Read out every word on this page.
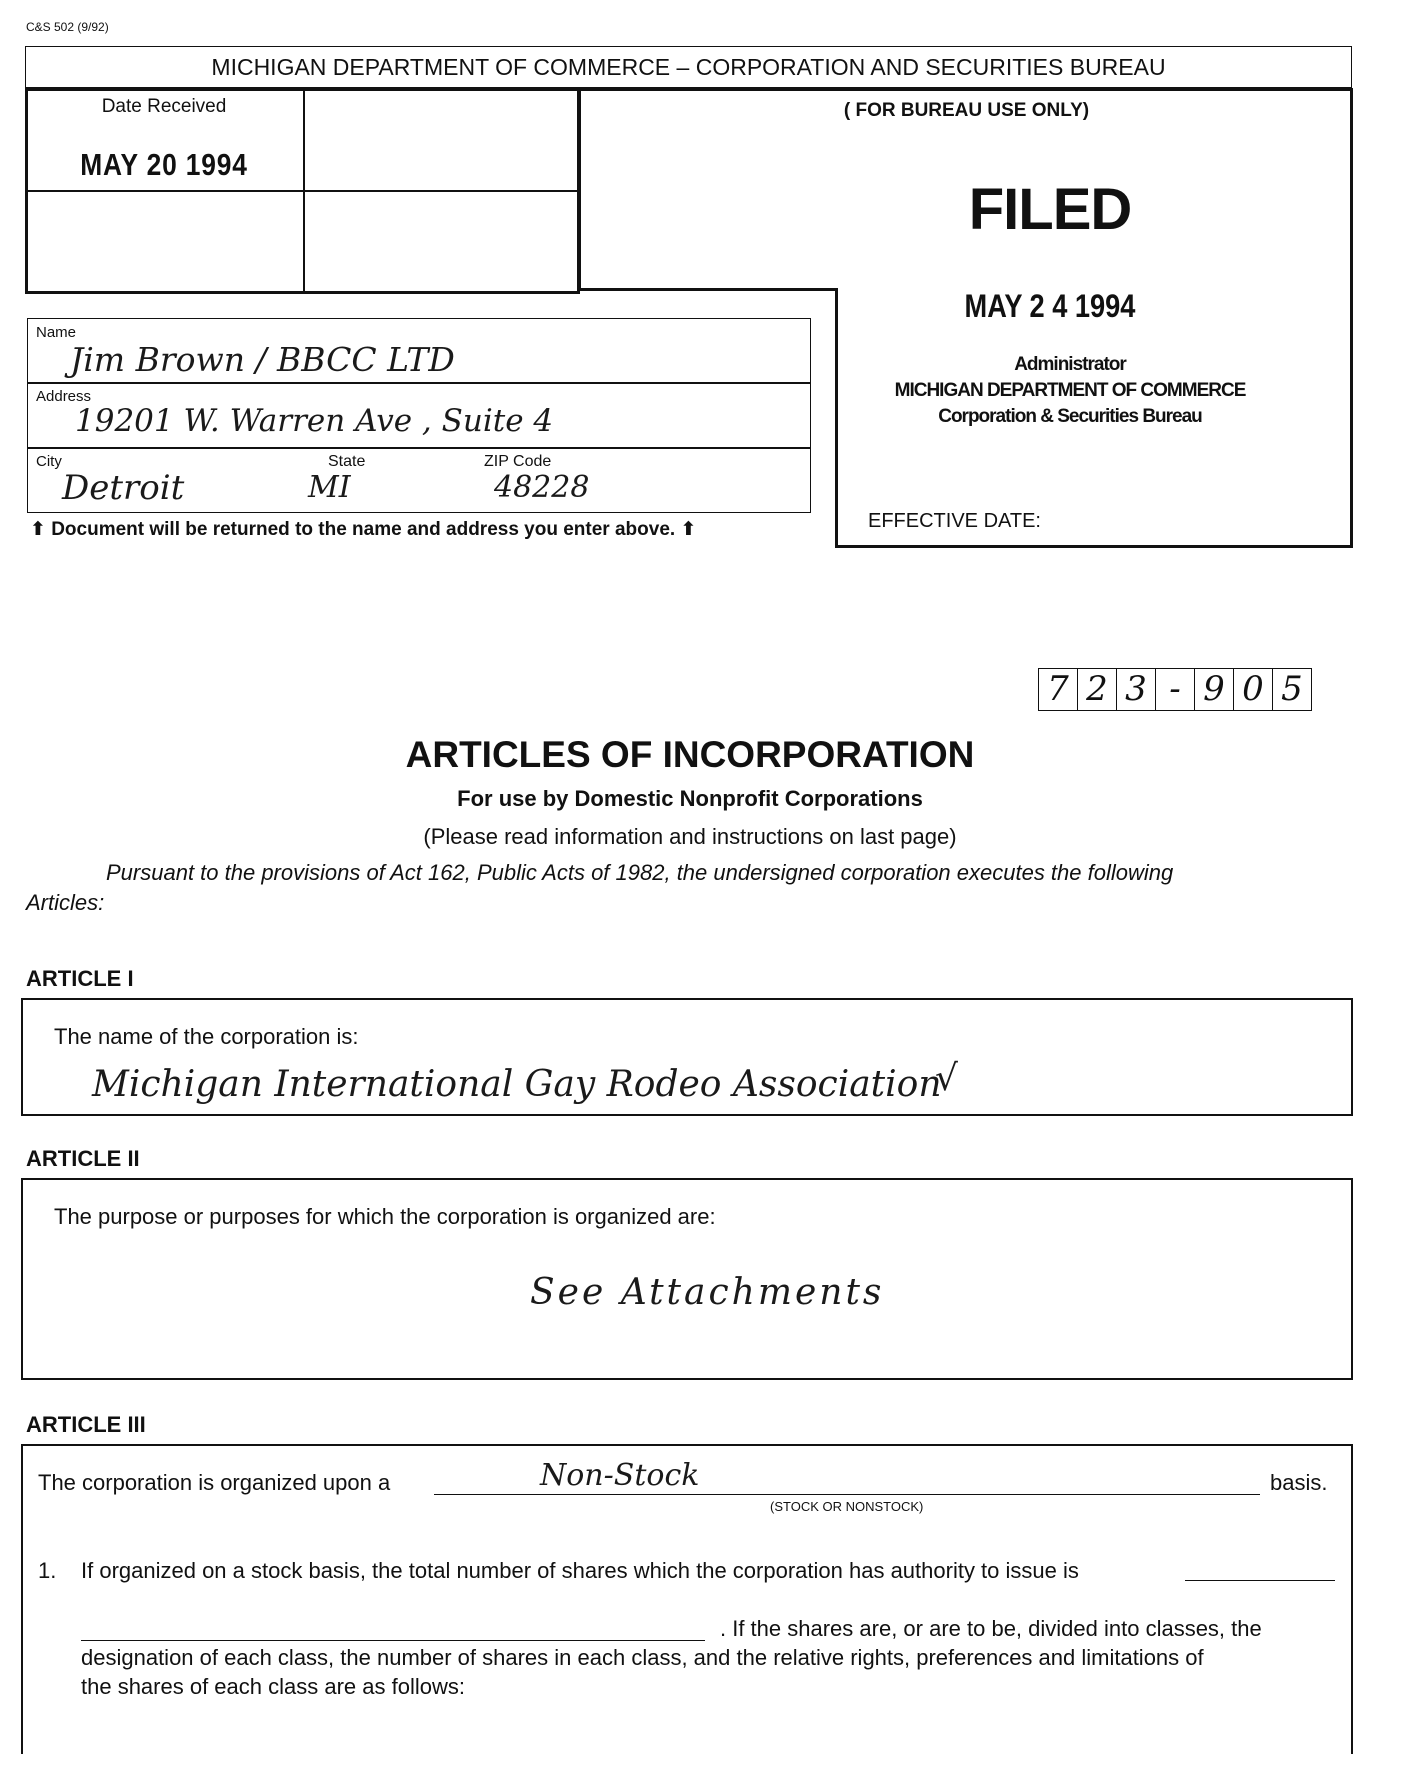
C&S 502 (9/92)
MICHIGAN DEPARTMENT OF COMMERCE – CORPORATION AND SECURITIES BUREAU
Date Received
MAY 20 1994
( FOR BUREAU USE ONLY)
FILED
MAY 2 4 1994
Administrator
MICHIGAN DEPARTMENT OF COMMERCE
Corporation & Securities Bureau
EFFECTIVE DATE:
Name
Jim Brown / BBCC LTD
Address
19201 W. Warren Ave , Suite 4
City
Detroit
State
MI
ZIP Code
48228
⬆ Document will be returned to the name and address you enter above. ⬆
7 2 3 - 9 0 5
ARTICLES OF INCORPORATION
For use by Domestic Nonprofit Corporations
(Please read information and instructions on last page)
Pursuant to the provisions of Act 162, Public Acts of 1982, the undersigned corporation executes the following
Articles:
ARTICLE I
The name of the corporation is:
Michigan International Gay Rodeo Association
√
ARTICLE II
The purpose or purposes for which the corporation is organized are:
See Attachments
ARTICLE III
The corporation is organized upon a	Non-Stock	basis.
(STOCK OR NONSTOCK)
1. If organized on a stock basis, the total number of shares which the corporation has authority to issue is
. If the shares are, or are to be, divided into classes, the
designation of each class, the number of shares in each class, and the relative rights, preferences and limitations of
the shares of each class are as follows:
